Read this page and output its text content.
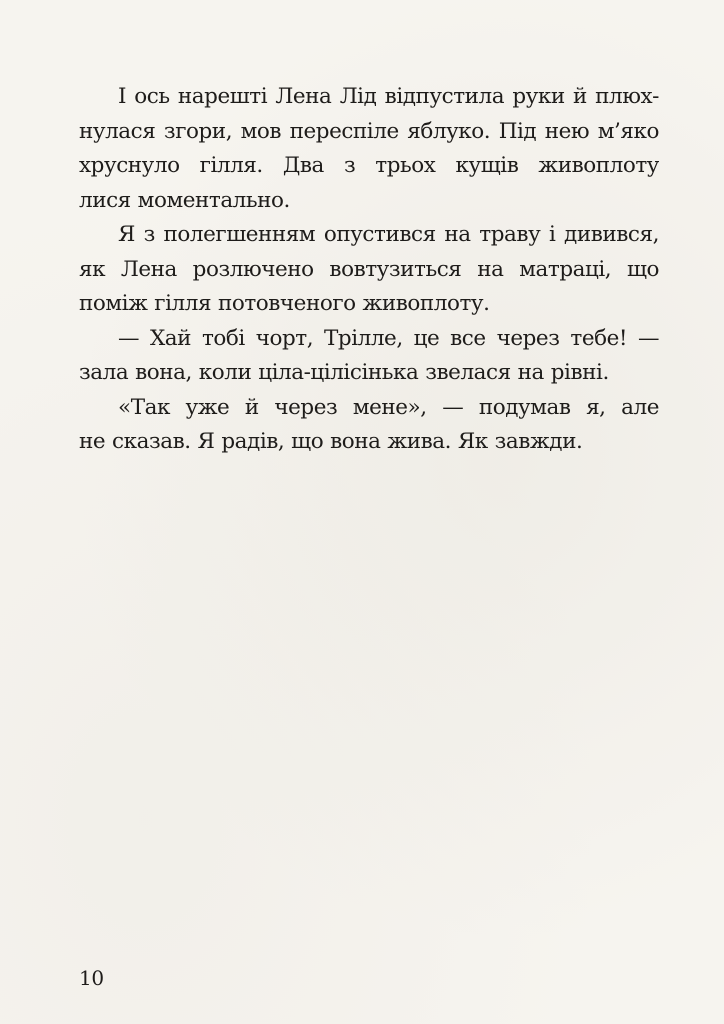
І ось нарешті Лена Лід відпустила руки й плюх-
нулася згори, мов переспіле яблуко. Під нею м’яко
хруснуло гілля. Два з трьох кущів живоплоту
лися моментально.
Я з полегшенням опустився на траву і дивився,
як Лена розлючено вовтузиться на матраці, що
поміж гілля потовченого живоплоту.
— Хай тобі чорт, Трілле, це все через тебе! —
зала вона, коли ціла-цілісінька звелася на рівні.
«Так уже й через мене», — подумав я, але
не сказав. Я радів, що вона жива. Як завжди.
10
